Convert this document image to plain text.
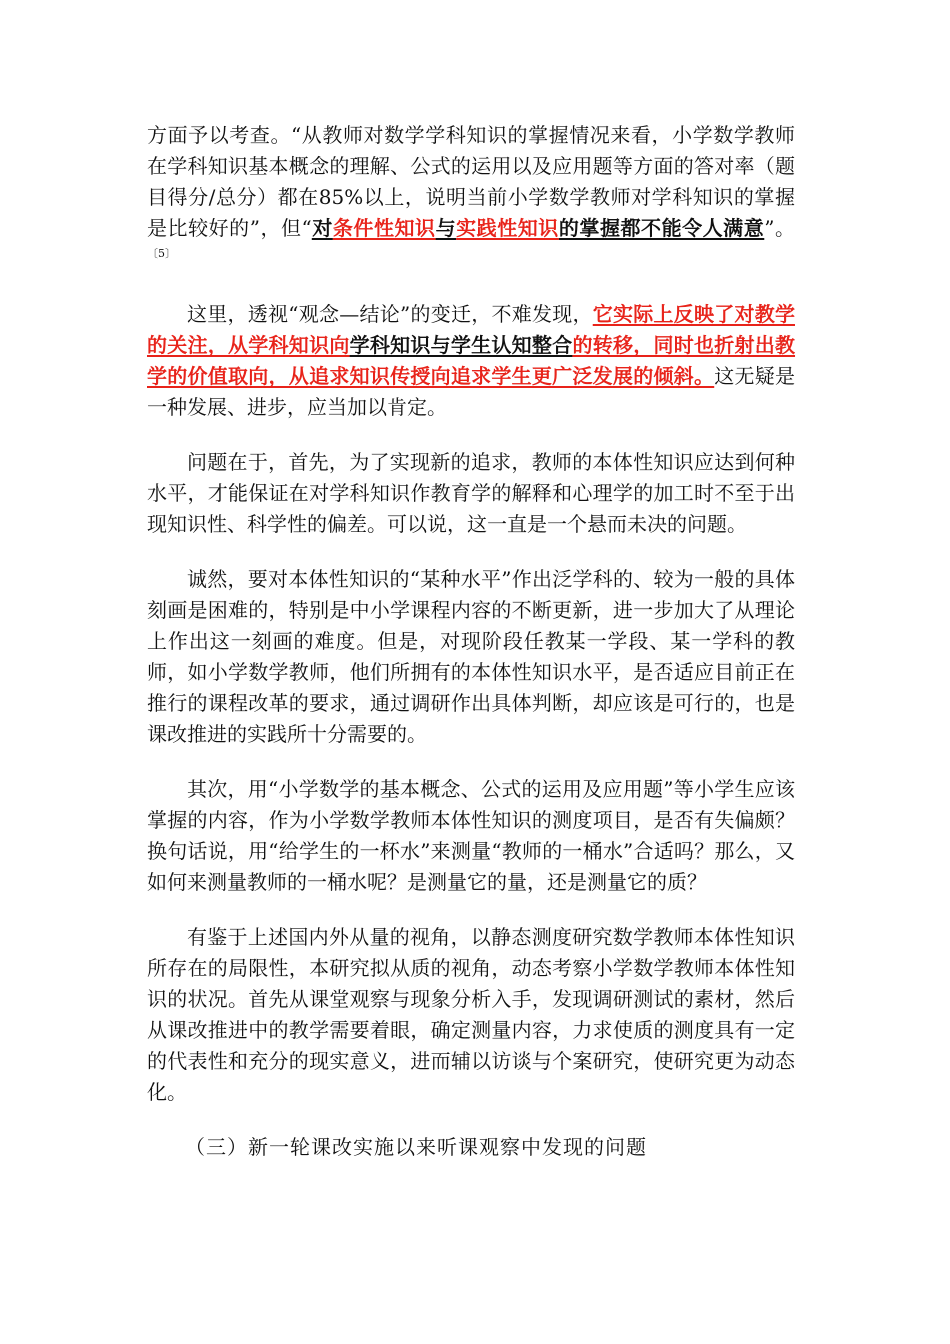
方面予以考查。“从教师对数学学科知识的掌握情况来看，小学数学教师在学科知识基本概念的理解、公式的运用以及应用题等方面的答对率（题目得分/总分）都在85%以上，说明当前小学数学教师对学科知识的掌握是比较好的”，但“对条件性知识与实践性知识的掌握都不能令人满意”。$^{〔5〕}$

这里，透视“观念—结论”的变迁，不难发现，它实际上反映了对教学的关注，从学科知识向学科知识与学生认知整合的转移，同时也折射出教学的价值取向，从追求知识传授向追求学生更广泛发展的倾斜。这无疑是一种发展、进步，应当加以肯定。

问题在于，首先，为了实现新的追求，教师的本体性知识应达到何种水平，才能保证在对学科知识作教育学的解释和心理学的加工时不至于出现知识性、科学性的偏差。可以说，这一直是一个悬而未决的问题。

诚然，要对本体性知识的“某种水平”作出泛学科的、较为一般的具体刻画是困难的，特别是中小学课程内容的不断更新，进一步加大了从理论上作出这一刻画的难度。但是，对现阶段任教某一学段、某一学科的教师，如小学数学教师，他们所拥有的本体性知识水平，是否适应目前正在推行的课程改革的要求，通过调研作出具体判断，却应该是可行的，也是课改推进的实践所十分需要的。

其次，用“小学数学的基本概念、公式的运用及应用题”等小学生应该掌握的内容，作为小学数学教师本体性知识的测度项目，是否有失偏颇？换句话说，用“给学生的一杯水”来测量“教师的一桶水”合适吗？那么，又如何来测量教师的一桶水呢？是测量它的量，还是测量它的质？

有鉴于上述国内外从量的视角，以静态测度研究数学教师本体性知识所存在的局限性，本研究拟从质的视角，动态考察小学数学教师本体性知识的状况。首先从课堂观察与现象分析入手，发现调研测试的素材，然后从课改推进中的教学需要着眼，确定测量内容，力求使质的测度具有一定的代表性和充分的现实意义，进而辅以访谈与个案研究，使研究更为动态化。

（三）新一轮课改实施以来听课观察中发现的问题
